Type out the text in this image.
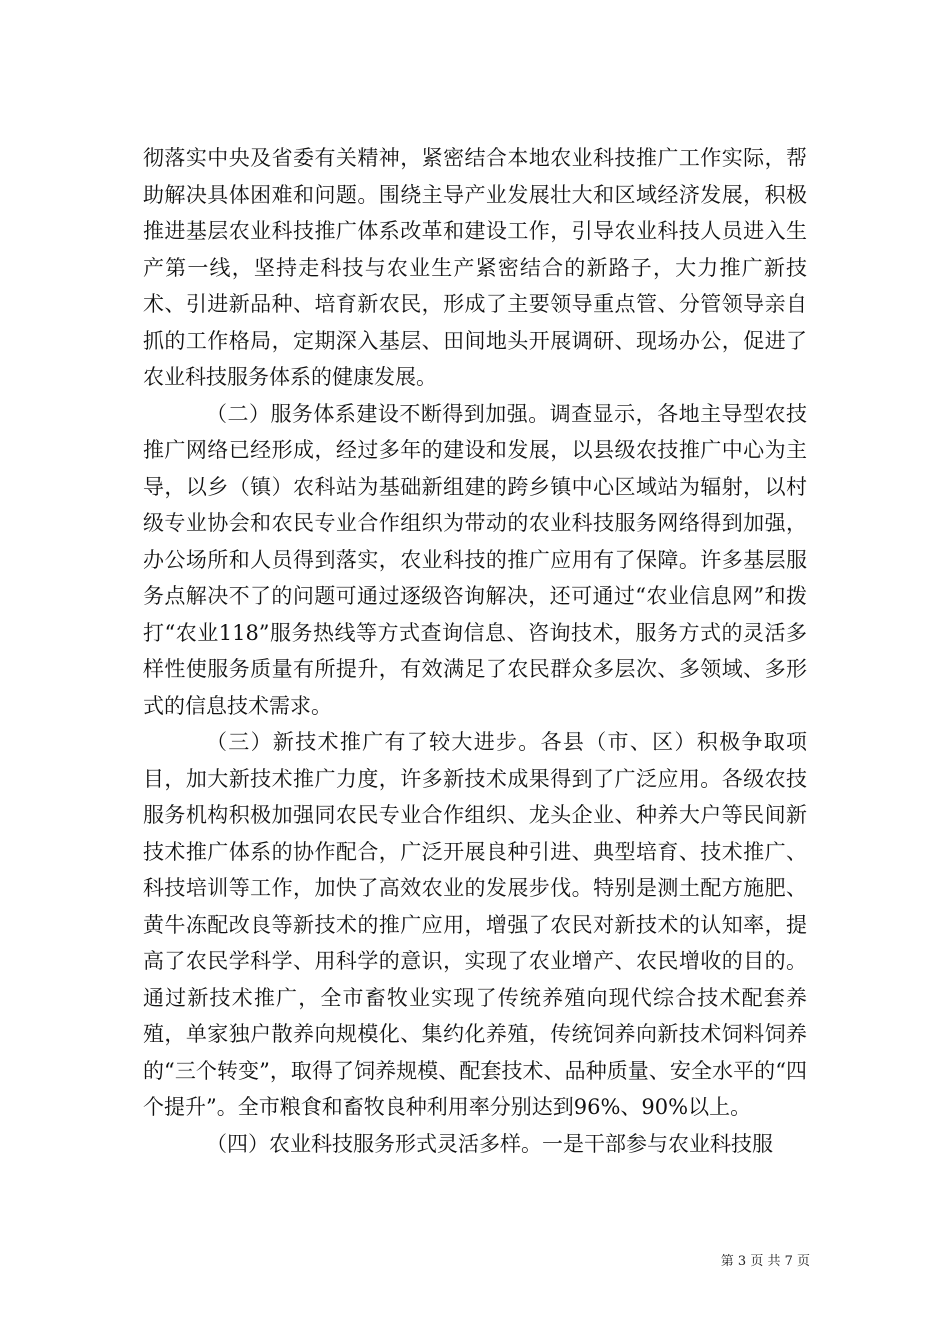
彻落实中央及省委有关精神，紧密结合本地农业科技推广工作实际，帮助解决具体困难和问题。围绕主导产业发展壮大和区域经济发展，积极推进基层农业科技推广体系改革和建设工作，引导农业科技人员进入生产第一线，坚持走科技与农业生产紧密结合的新路子，大力推广新技术、引进新品种、培育新农民，形成了主要领导重点管、分管领导亲自抓的工作格局，定期深入基层、田间地头开展调研、现场办公，促进了农业科技服务体系的健康发展。

（二）服务体系建设不断得到加强。调查显示，各地主导型农技推广网络已经形成，经过多年的建设和发展，以县级农技推广中心为主导，以乡（镇）农科站为基础新组建的跨乡镇中心区域站为辐射，以村级专业协会和农民专业合作组织为带动的农业科技服务网络得到加强，办公场所和人员得到落实，农业科技的推广应用有了保障。许多基层服务点解决不了的问题可通过逐级咨询解决，还可通过“农业信息网”和拨打“农业118”服务热线等方式查询信息、咨询技术，服务方式的灵活多样性使服务质量有所提升，有效满足了农民群众多层次、多领域、多形式的信息技术需求。

（三）新技术推广有了较大进步。各县（市、区）积极争取项目，加大新技术推广力度，许多新技术成果得到了广泛应用。各级农技服务机构积极加强同农民专业合作组织、龙头企业、种养大户等民间新技术推广体系的协作配合，广泛开展良种引进、典型培育、技术推广、科技培训等工作，加快了高效农业的发展步伐。特别是测土配方施肥、黄牛冻配改良等新技术的推广应用，增强了农民对新技术的认知率，提高了农民学科学、用科学的意识，实现了农业增产、农民增收的目的。通过新技术推广，全市畜牧业实现了传统养殖向现代综合技术配套养殖，单家独户散养向规模化、集约化养殖，传统饲养向新技术饲料饲养的“三个转变”，取得了饲养规模、配套技术、品种质量、安全水平的“四个提升”。全市粮食和畜牧良种利用率分别达到96%、90%以上。

（四）农业科技服务形式灵活多样。一是干部参与农业科技服

第 3 页 共 7 页
